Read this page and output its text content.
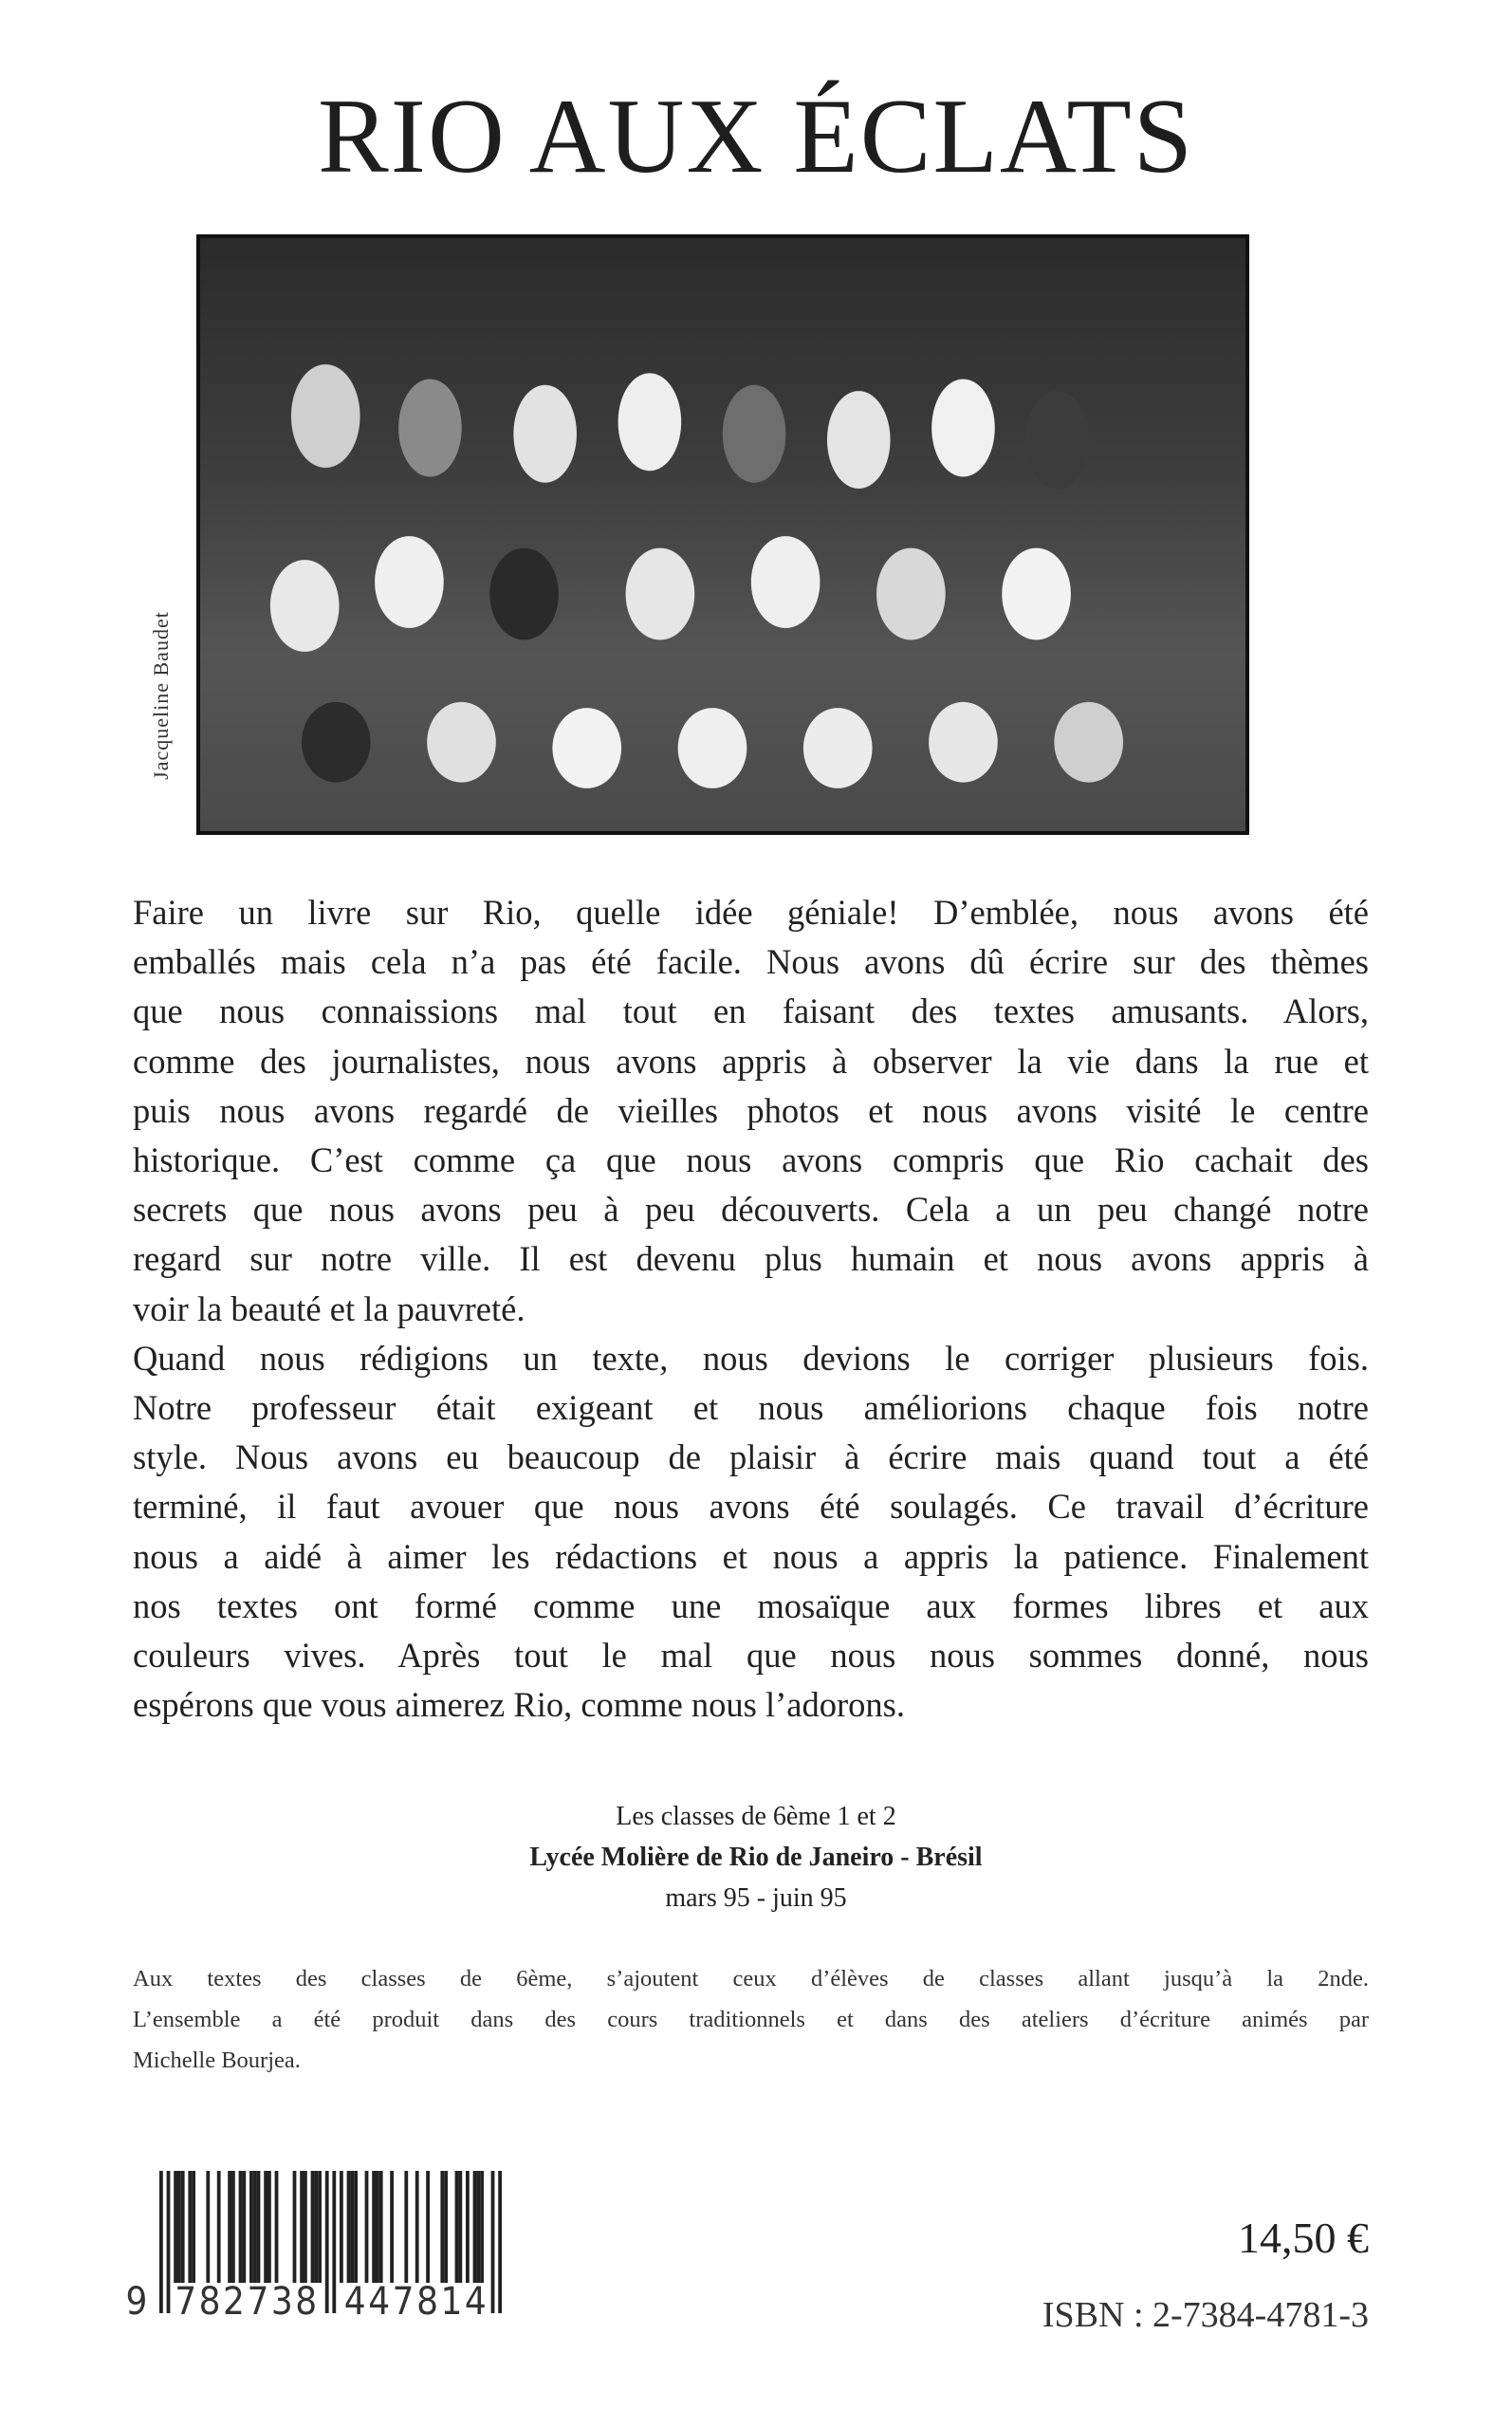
RIO AUX ÉCLATS
Jacqueline Baudet
Faire un livre sur Rio, quelle idée géniale! D’emblée, nous avons été
emballés mais cela n’a pas été facile. Nous avons dû écrire sur des thèmes
que nous connaissions mal tout en faisant des textes amusants. Alors,
comme des journalistes, nous avons appris à observer la vie dans la rue et
puis nous avons regardé de vieilles photos et nous avons visité le centre
historique. C’est comme ça que nous avons compris que Rio cachait des
secrets que nous avons peu à peu découverts. Cela a un peu changé notre
regard sur notre ville. Il est devenu plus humain et nous avons appris à
voir la beauté et la pauvreté.
Quand nous rédigions un texte, nous devions le corriger plusieurs fois.
Notre professeur était exigeant et nous améliorions chaque fois notre
style. Nous avons eu beaucoup de plaisir à écrire mais quand tout a été
terminé, il faut avouer que nous avons été soulagés. Ce travail d’écriture
nous a aidé à aimer les rédactions et nous a appris la patience. Finalement
nos textes ont formé comme une mosaïque aux formes libres et aux
couleurs vives. Après tout le mal que nous nous sommes donné, nous
espérons que vous aimerez Rio, comme nous l’adorons.
Les classes de 6ème 1 et 2
Lycée Molière de Rio de Janeiro - Brésil
mars 95 - juin 95
Aux textes des classes de 6ème, s’ajoutent ceux d’élèves de classes allant jusqu’à la 2nde.
L’ensemble a été produit dans des cours traditionnels et dans des ateliers d’écriture animés par
Michelle Bourjea.
9 782738 447814
14,50 €
ISBN : 2-7384-4781-3
